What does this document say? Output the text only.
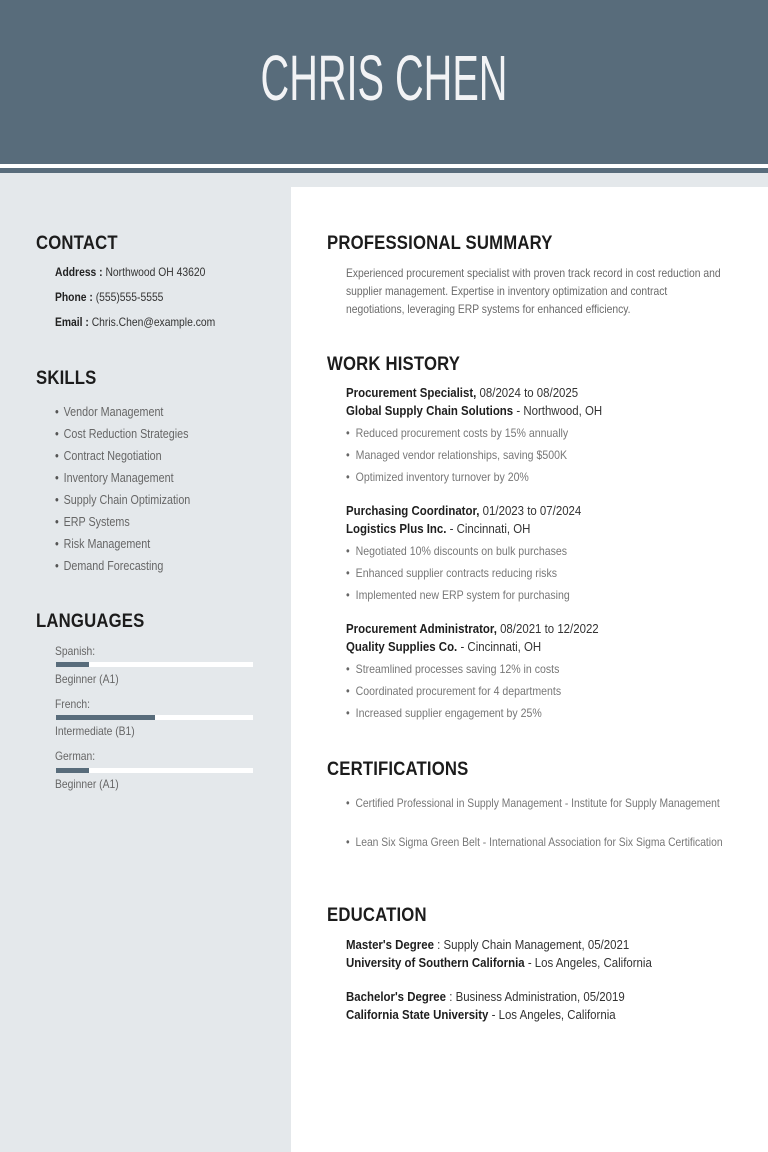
CHRIS CHEN
CONTACT
Address : Northwood OH 43620
Phone : (555)555-5555
Email : Chris.Chen@example.com
SKILLS
• Vendor Management
• Cost Reduction Strategies
• Contract Negotiation
• Inventory Management
• Supply Chain Optimization
• ERP Systems
• Risk Management
• Demand Forecasting
LANGUAGES
Spanish:
Beginner (A1)
French:
Intermediate (B1)
German:
Beginner (A1)
PROFESSIONAL SUMMARY
Experienced procurement specialist with proven track record in cost reduction and supplier management. Expertise in inventory optimization and contract negotiations, leveraging ERP systems for enhanced efficiency.
WORK HISTORY
Procurement Specialist, 08/2024 to 08/2025
Global Supply Chain Solutions - Northwood, OH
• Reduced procurement costs by 15% annually
• Managed vendor relationships, saving $500K
• Optimized inventory turnover by 20%
Purchasing Coordinator, 01/2023 to 07/2024
Logistics Plus Inc. - Cincinnati, OH
• Negotiated 10% discounts on bulk purchases
• Enhanced supplier contracts reducing risks
• Implemented new ERP system for purchasing
Procurement Administrator, 08/2021 to 12/2022
Quality Supplies Co. - Cincinnati, OH
• Streamlined processes saving 12% in costs
• Coordinated procurement for 4 departments
• Increased supplier engagement by 25%
CERTIFICATIONS
• Certified Professional in Supply Management - Institute for Supply Management
• Lean Six Sigma Green Belt - International Association for Six Sigma Certification
EDUCATION
Master's Degree : Supply Chain Management, 05/2021
University of Southern California - Los Angeles, California
Bachelor's Degree : Business Administration, 05/2019
California State University - Los Angeles, California
